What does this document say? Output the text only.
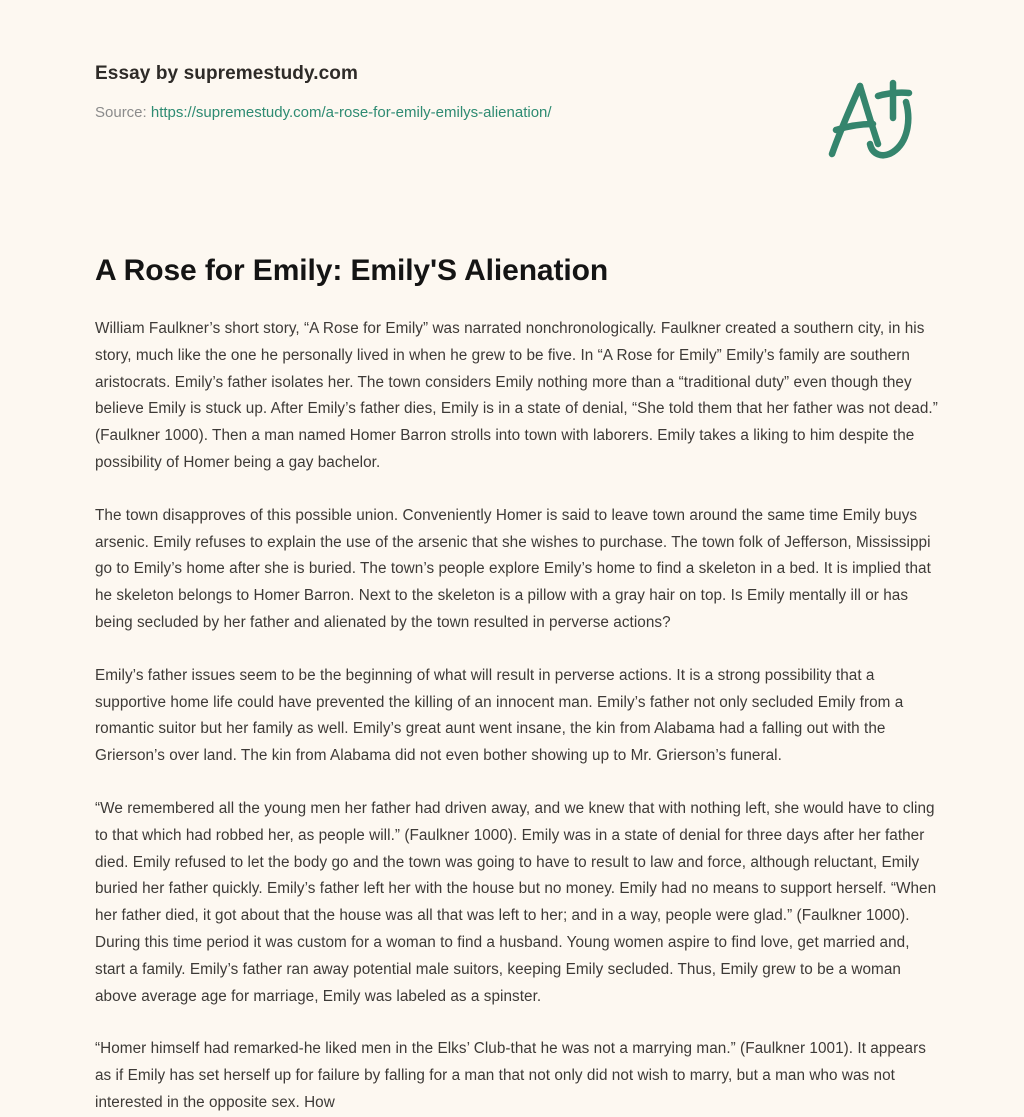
Essay by supremestudy.com
Source: https://supremestudy.com/a-rose-for-emily-emilys-alienation/
A Rose for Emily: Emily'S Alienation

William Faulkner’s short story, “A Rose for Emily” was narrated nonchronologically. Faulkner created a southern city, in his story, much like the one he personally lived in when he grew to be five. In “A Rose for Emily” Emily’s family are southern aristocrats. Emily’s father isolates her. The town considers Emily nothing more than a “traditional duty” even though they believe Emily is stuck up. After Emily’s father dies, Emily is in a state of denial, “She told them that her father was not dead.” (Faulkner 1000). Then a man named Homer Barron strolls into town with laborers. Emily takes a liking to him despite the possibility of Homer being a gay bachelor.

The town disapproves of this possible union. Conveniently Homer is said to leave town around the same time Emily buys arsenic. Emily refuses to explain the use of the arsenic that she wishes to purchase. The town folk of Jefferson, Mississippi go to Emily’s home after she is buried. The town’s people explore Emily’s home to find a skeleton in a bed. It is implied that he skeleton belongs to Homer Barron. Next to the skeleton is a pillow with a gray hair on top. Is Emily mentally ill or has being secluded by her father and alienated by the town resulted in perverse actions?

Emily’s father issues seem to be the beginning of what will result in perverse actions. It is a strong possibility that a supportive home life could have prevented the killing of an innocent man. Emily’s father not only secluded Emily from a romantic suitor but her family as well. Emily’s great aunt went insane, the kin from Alabama had a falling out with the Grierson’s over land. The kin from Alabama did not even bother showing up to Mr. Grierson’s funeral.

“We remembered all the young men her father had driven away, and we knew that with nothing left, she would have to cling to that which had robbed her, as people will.” (Faulkner 1000). Emily was in a state of denial for three days after her father died. Emily refused to let the body go and the town was going to have to result to law and force, although reluctant, Emily buried her father quickly. Emily’s father left her with the house but no money. Emily had no means to support herself. “When her father died, it got about that the house was all that was left to her; and in a way, people were glad.” (Faulkner 1000). During this time period it was custom for a woman to find a husband. Young women aspire to find love, get married and, start a family. Emily’s father ran away potential male suitors, keeping Emily secluded. Thus, Emily grew to be a woman above average age for marriage, Emily was labeled as a spinster.

“Homer himself had remarked-he liked men in the Elks’ Club-that he was not a marrying man.” (Faulkner 1001). It appears as if Emily has set herself up for failure by falling for a man that not only did not wish to marry, but a man who was not interested in the opposite sex. How
